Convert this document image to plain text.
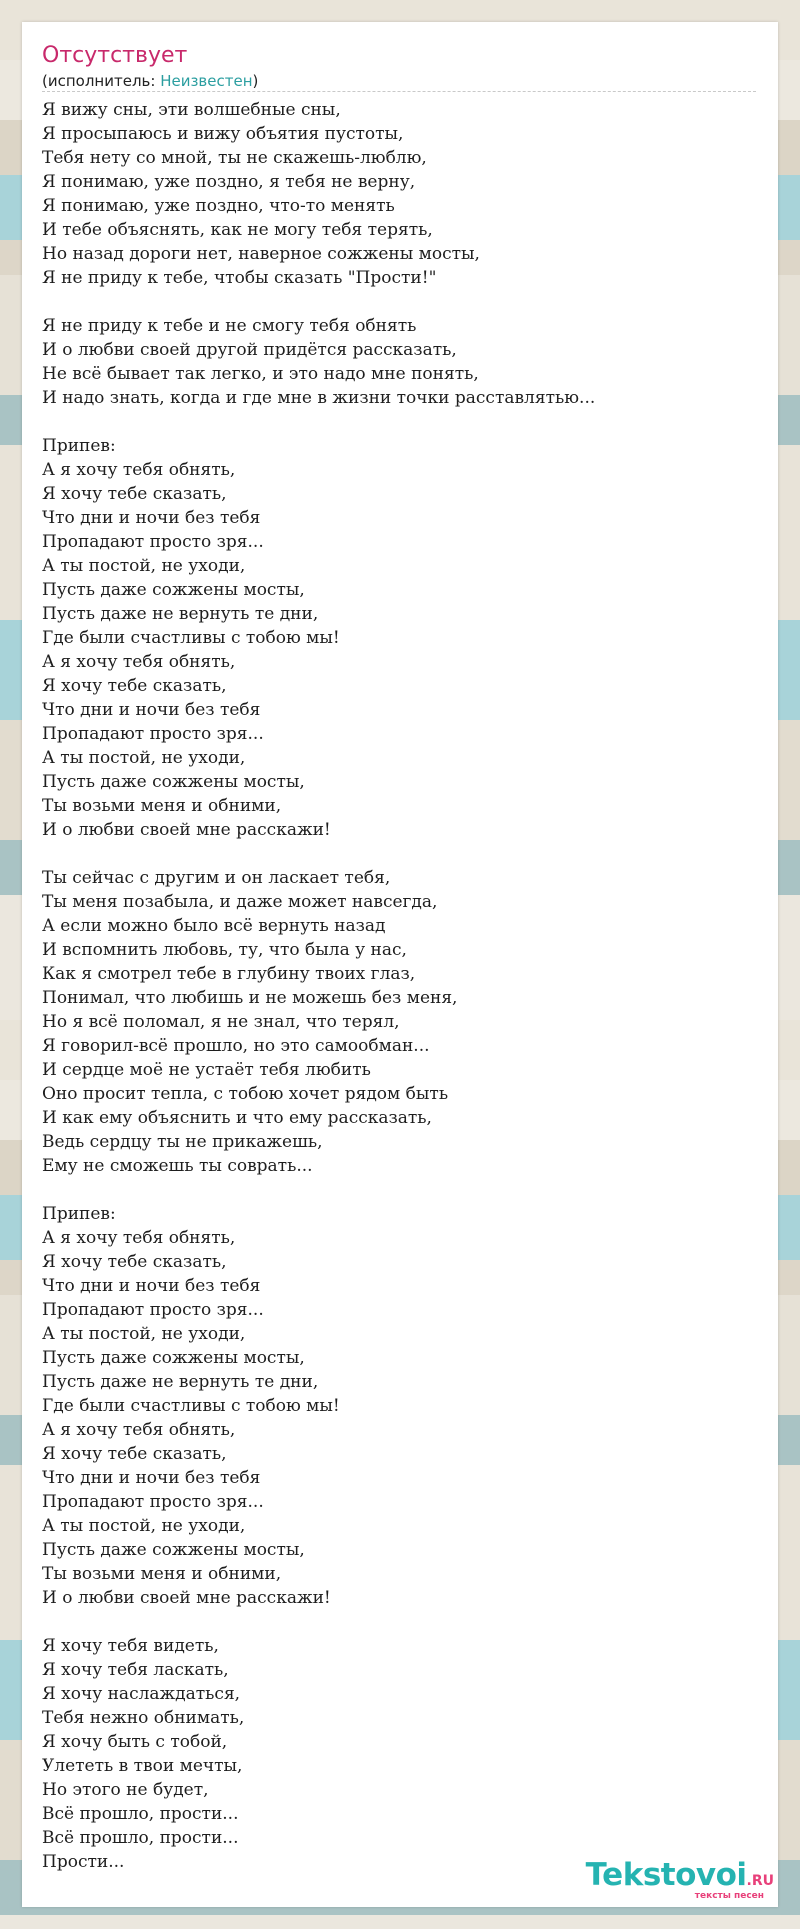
Отсутствует
(исполнитель: Неизвестен)
Я вижу сны, эти волшебные сны,
Я просыпаюсь и вижу объятия пустоты,
Тебя нету со мной, ты не скажешь-люблю,
Я понимаю, уже поздно, я тебя не верну,
Я понимаю, уже поздно, что-то менять
И тебе объяснять, как не могу тебя терять,
Но назад дороги нет, наверное сожжены мосты,
Я не приду к тебе, чтобы сказать "Прости!"
Я не приду к тебе и не смогу тебя обнять
И о любви своей другой придётся рассказать,
Не всё бывает так легко, и это надо мне понять,
И надо знать, когда и где мне в жизни точки расставлятью...
Припев:
А я хочу тебя обнять,
Я хочу тебе сказать,
Что дни и ночи без тебя
Пропадают просто зря...
А ты постой, не уходи,
Пусть даже сожжены мосты,
Пусть даже не вернуть те дни,
Где были счастливы с тобою мы!
А я хочу тебя обнять,
Я хочу тебе сказать,
Что дни и ночи без тебя
Пропадают просто зря...
А ты постой, не уходи,
Пусть даже сожжены мосты,
Ты возьми меня и обними,
И о любви своей мне расскажи!
Ты сейчас с другим и он ласкает тебя,
Ты меня позабыла, и даже может навсегда,
А если можно было всё вернуть назад
И вспомнить любовь, ту, что была у нас,
Как я смотрел тебе в глубину твоих глаз,
Понимал, что любишь и не можешь без меня,
Но я всё поломал, я не знал, что терял,
Я говорил-всё прошло, но это самообман...
И сердце моё не устаёт тебя любить
Оно просит тепла, с тобою хочет рядом быть
И как ему объяснить и что ему рассказать,
Ведь сердцу ты не прикажешь,
Ему не сможешь ты соврать...
Припев:
А я хочу тебя обнять,
Я хочу тебе сказать,
Что дни и ночи без тебя
Пропадают просто зря...
А ты постой, не уходи,
Пусть даже сожжены мосты,
Пусть даже не вернуть те дни,
Где были счастливы с тобою мы!
А я хочу тебя обнять,
Я хочу тебе сказать,
Что дни и ночи без тебя
Пропадают просто зря...
А ты постой, не уходи,
Пусть даже сожжены мосты,
Ты возьми меня и обними,
И о любви своей мне расскажи!
Я хочу тебя видеть,
Я хочу тебя ласкать,
Я хочу наслаждаться,
Тебя нежно обнимать,
Я хочу быть с тобой,
Улететь в твои мечты,
Но этого не будет,
Всё прошло, прости...
Всё прошло, прости...
Прости...	Tekstovoi.RU
тексты песен
